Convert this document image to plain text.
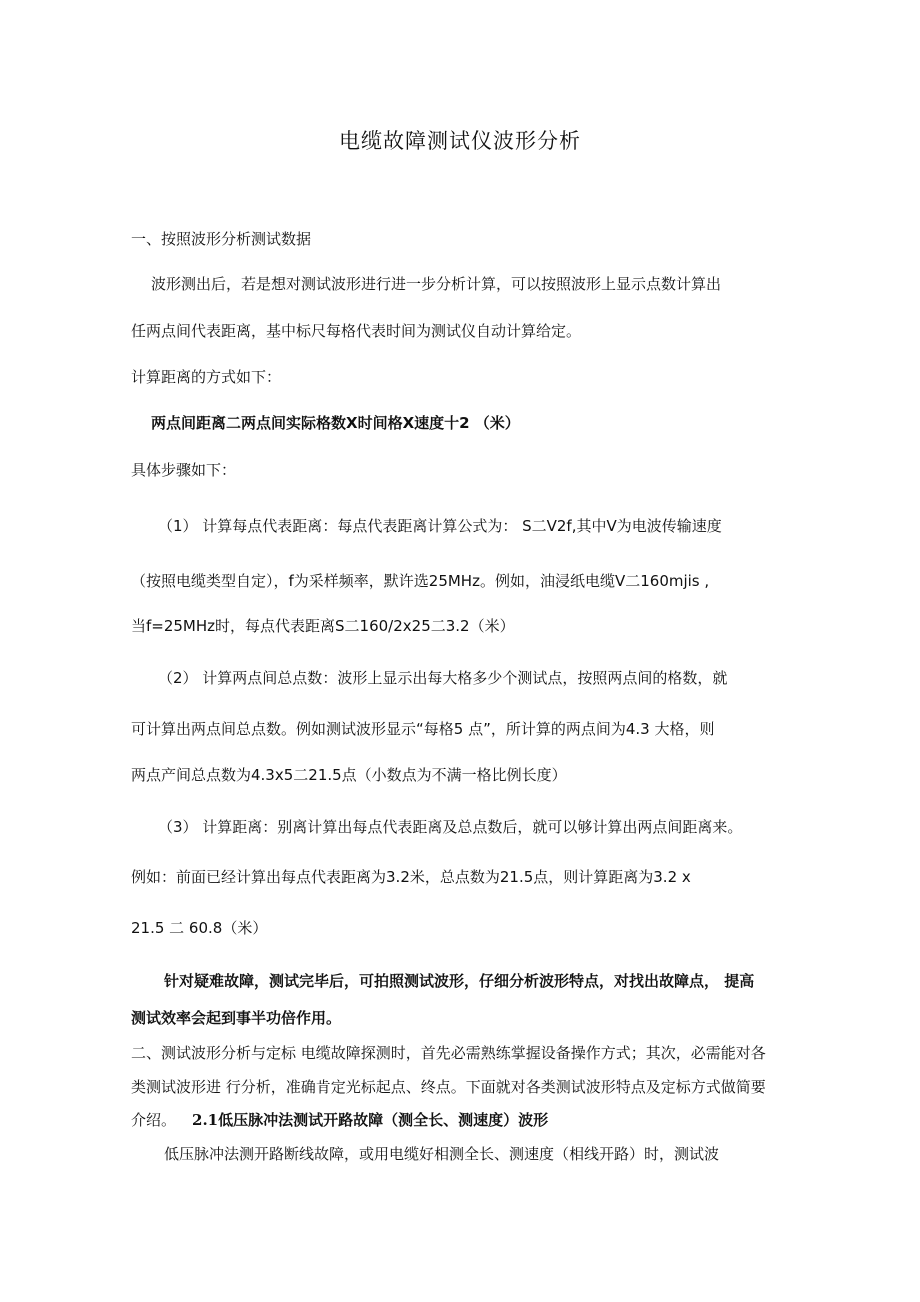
电缆故障测试仪波形分析
一、按照波形分析测试数据
波形测出后，若是想对测试波形进行进一步分析计算，可以按照波形上显示点数计算出
任两点间代表距离，基中标尺每格代表时间为测试仪自动计算给定。
计算距离的方式如下：
两点间距离二两点间实际格数X时间格X速度十2 （米）
具体步骤如下：
（1） 计算每点代表距离：每点代表距离计算公式为： S二V2f,其中V为电波传输速度
（按照电缆类型自定），f为采样频率，默许选25MHz。例如，油浸纸电缆V二160mjis ,
当f=25MHz时，每点代表距离S二160/2x25二3.2（米）
（2） 计算两点间总点数：波形上显示出每大格多少个测试点，按照两点间的格数，就
可计算出两点间总点数。例如测试波形显示“每格5 点”，所计算的两点间为4.3 大格，则
两点产间总点数为4.3x5二21.5点（小数点为不满一格比例长度）
（3） 计算距离：别离计算出每点代表距离及总点数后，就可以够计算出两点间距离来。
例如：前面已经计算出每点代表距离为3.2米，总点数为21.5点，则计算距离为3.2 x
21.5 二 60.8（米）
针对疑难故障，测试完毕后，可拍照测试波形，仔细分析波形特点，对找出故障点， 提高
测试效率会起到事半功倍作用。
二、测试波形分析与定标 电缆故障探测时，首先必需熟练掌握设备操作方式；其次，必需能对各
类测试波形进 行分析，准确肯定光标起点、终点。下面就对各类测试波形特点及定标方式做简要
介绍。 2.1低压脉冲法测试开路故障（测全长、测速度）波形
低压脉冲法测开路断线故障，或用电缆好相测全长、测速度（相线开路）时，测试波
